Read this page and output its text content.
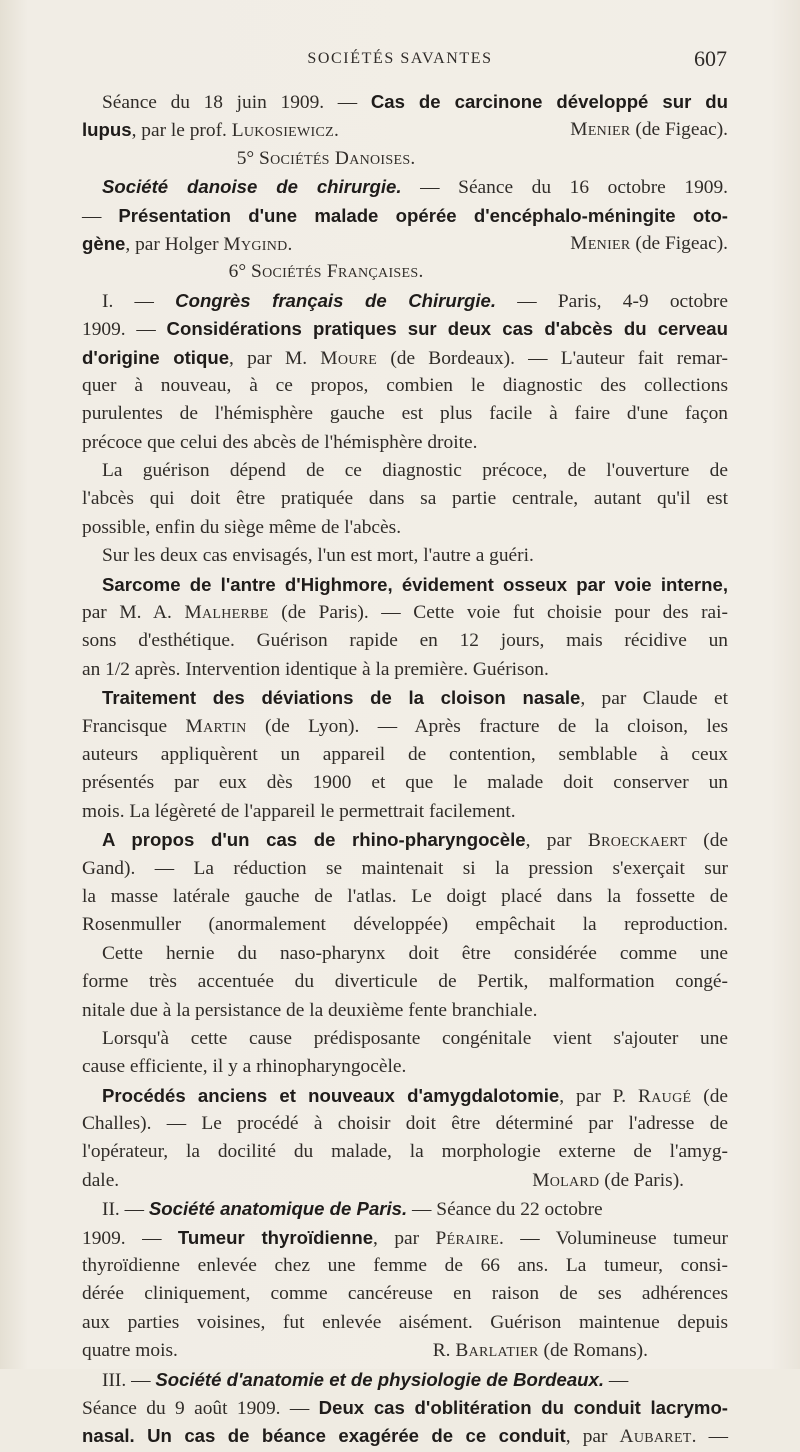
SOCIÉTÉS SAVANTES	607
Séance du 18 juin 1909. — Cas de carcinone développé sur du
lupus, par le prof. Lukosiewicz.	Menier (de Figeac).
5° Sociétés Danoises.
Société danoise de chirurgie. — Séance du 16 octobre 1909.
— Présentation d'une malade opérée d'encéphalo-méningite oto-
gène, par Holger Mygind.	Menier (de Figeac).
6° Sociétés Françaises.
I. — Congrès français de Chirurgie. — Paris, 4-9 octobre
1909. — Considérations pratiques sur deux cas d'abcès du cerveau
d'origine otique, par M. Moure (de Bordeaux). — L'auteur fait remar-
quer à nouveau, à ce propos, combien le diagnostic des collections
purulentes de l'hémisphère gauche est plus facile à faire d'une façon
précoce que celui des abcès de l'hémisphère droite.
La guérison dépend de ce diagnostic précoce, de l'ouverture de
l'abcès qui doit être pratiquée dans sa partie centrale, autant qu'il est
possible, enfin du siège même de l'abcès.
Sur les deux cas envisagés, l'un est mort, l'autre a guéri.
Sarcome de l'antre d'Highmore, évidement osseux par voie interne,
par M. A. Malherbe (de Paris). — Cette voie fut choisie pour des rai-
sons d'esthétique. Guérison rapide en 12 jours, mais récidive un
an 1/2 après. Intervention identique à la première. Guérison.
Traitement des déviations de la cloison nasale, par Claude et
Francisque Martin (de Lyon). — Après fracture de la cloison, les
auteurs appliquèrent un appareil de contention, semblable à ceux
présentés par eux dès 1900 et que le malade doit conserver un
mois. La légèreté de l'appareil le permettrait facilement.
A propos d'un cas de rhino-pharyngocèle, par Broeckaert (de
Gand). — La réduction se maintenait si la pression s'exerçait sur
la masse latérale gauche de l'atlas. Le doigt placé dans la fossette de
Rosenmuller (anormalement développée) empêchait la reproduction.
Cette hernie du naso-pharynx doit être considérée comme une
forme très accentuée du diverticule de Pertik, malformation congé-
nitale due à la persistance de la deuxième fente branchiale.
Lorsqu'à cette cause prédisposante congénitale vient s'ajouter une
cause efficiente, il y a rhinopharyngocèle.
Procédés anciens et nouveaux d'amygdalotomie, par P. Raugé (de
Challes). — Le procédé à choisir doit être déterminé par l'adresse de
l'opérateur, la docilité du malade, la morphologie externe de l'amyg-
dale.	Molard (de Paris).
II. — Société anatomique de Paris. — Séance du 22 octobre
1909. — Tumeur thyroïdienne, par Péraire. — Volumineuse tumeur
thyroïdienne enlevée chez une femme de 66 ans. La tumeur, consi-
dérée cliniquement, comme cancéreuse en raison de ses adhérences
aux parties voisines, fut enlevée aisément. Guérison maintenue depuis
quatre mois.	R. Barlatier (de Romans).
III. — Société d'anatomie et de physiologie de Bordeaux. —
Séance du 9 août 1909. — Deux cas d'oblitération du conduit lacrymo-
nasal. Un cas de béance exagérée de ce conduit, par Aubaret. —
